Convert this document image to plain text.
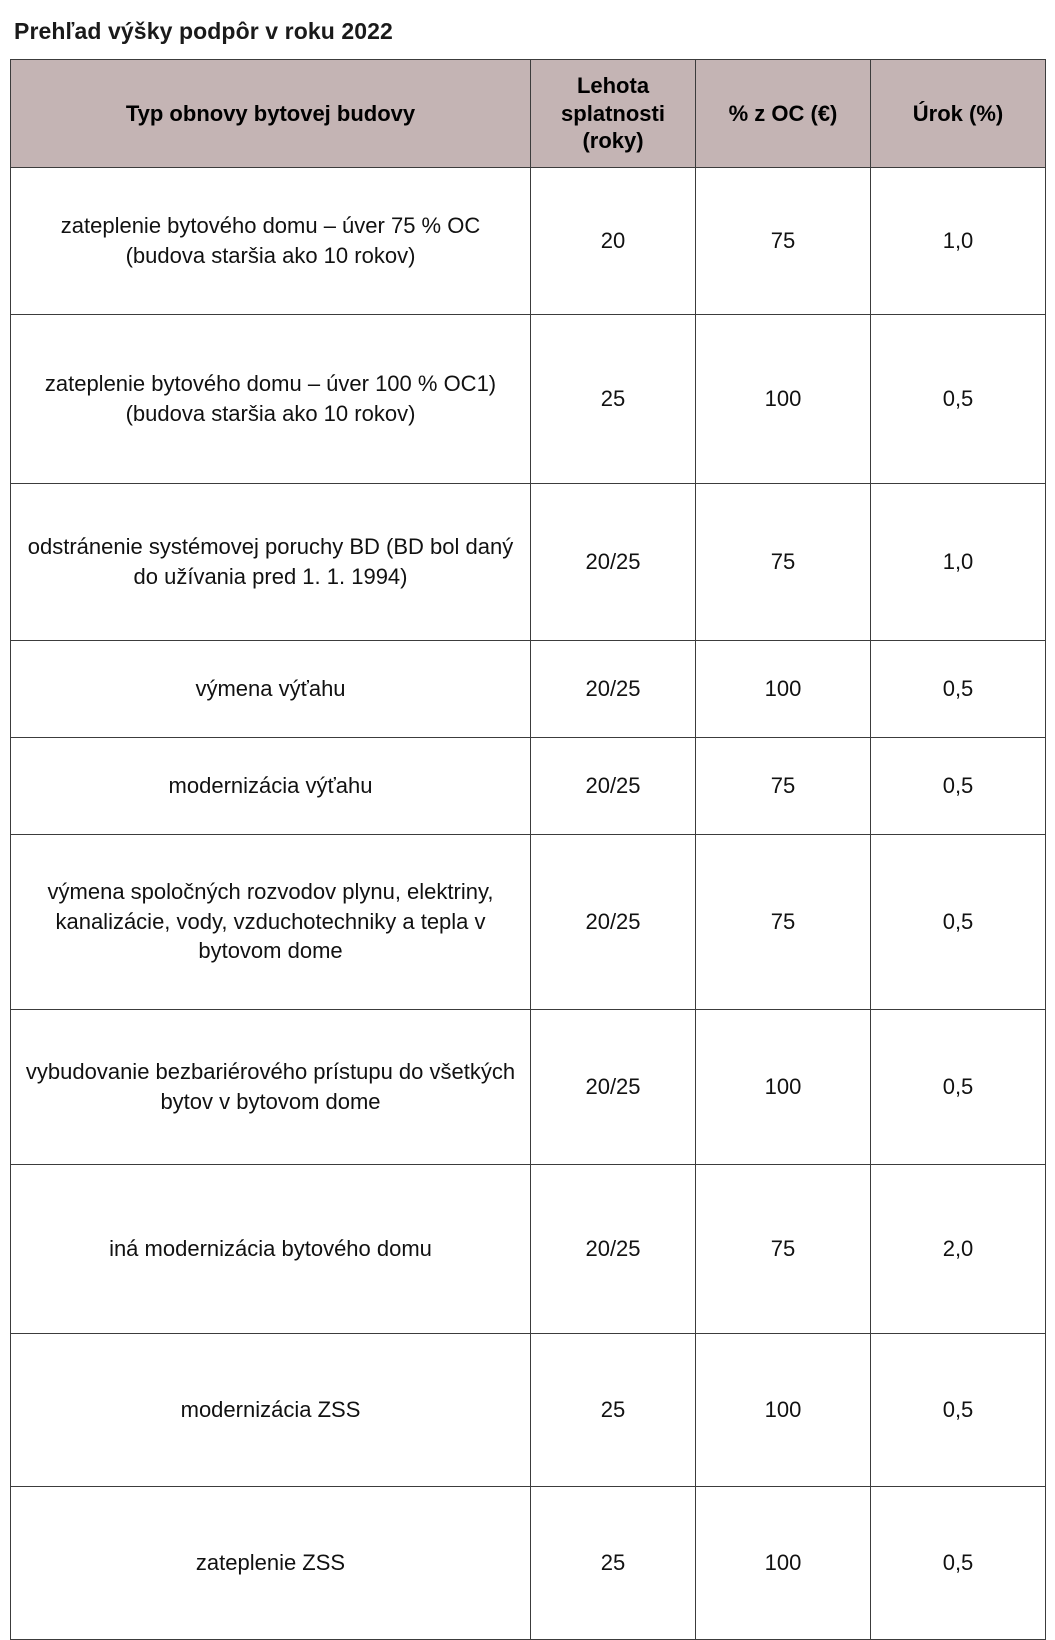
Prehľad výšky podpôr v roku 2022
Typ obnovy bytovej budovy	Lehota splatnosti (roky)	% z OC (€)	Úrok (%)
zateplenie bytového domu – úver 75 % OC (budova staršia ako 10 rokov)	20	75	1,0
zateplenie bytového domu – úver 100 % OC1) (budova staršia ako 10 rokov)	25	100	0,5
odstránenie systémovej poruchy BD (BD bol daný do užívania pred 1. 1. 1994)	20/25	75	1,0
výmena výťahu	20/25	100	0,5
modernizácia výťahu	20/25	75	0,5
výmena spoločných rozvodov plynu, elektriny, kanalizácie, vody, vzduchotechniky a tepla v bytovom dome	20/25	75	0,5
vybudovanie bezbariérového prístupu do všetkých bytov v bytovom dome	20/25	100	0,5
iná modernizácia bytového domu	20/25	75	2,0
modernizácia ZSS	25	100	0,5
zateplenie ZSS	25	100	0,5
